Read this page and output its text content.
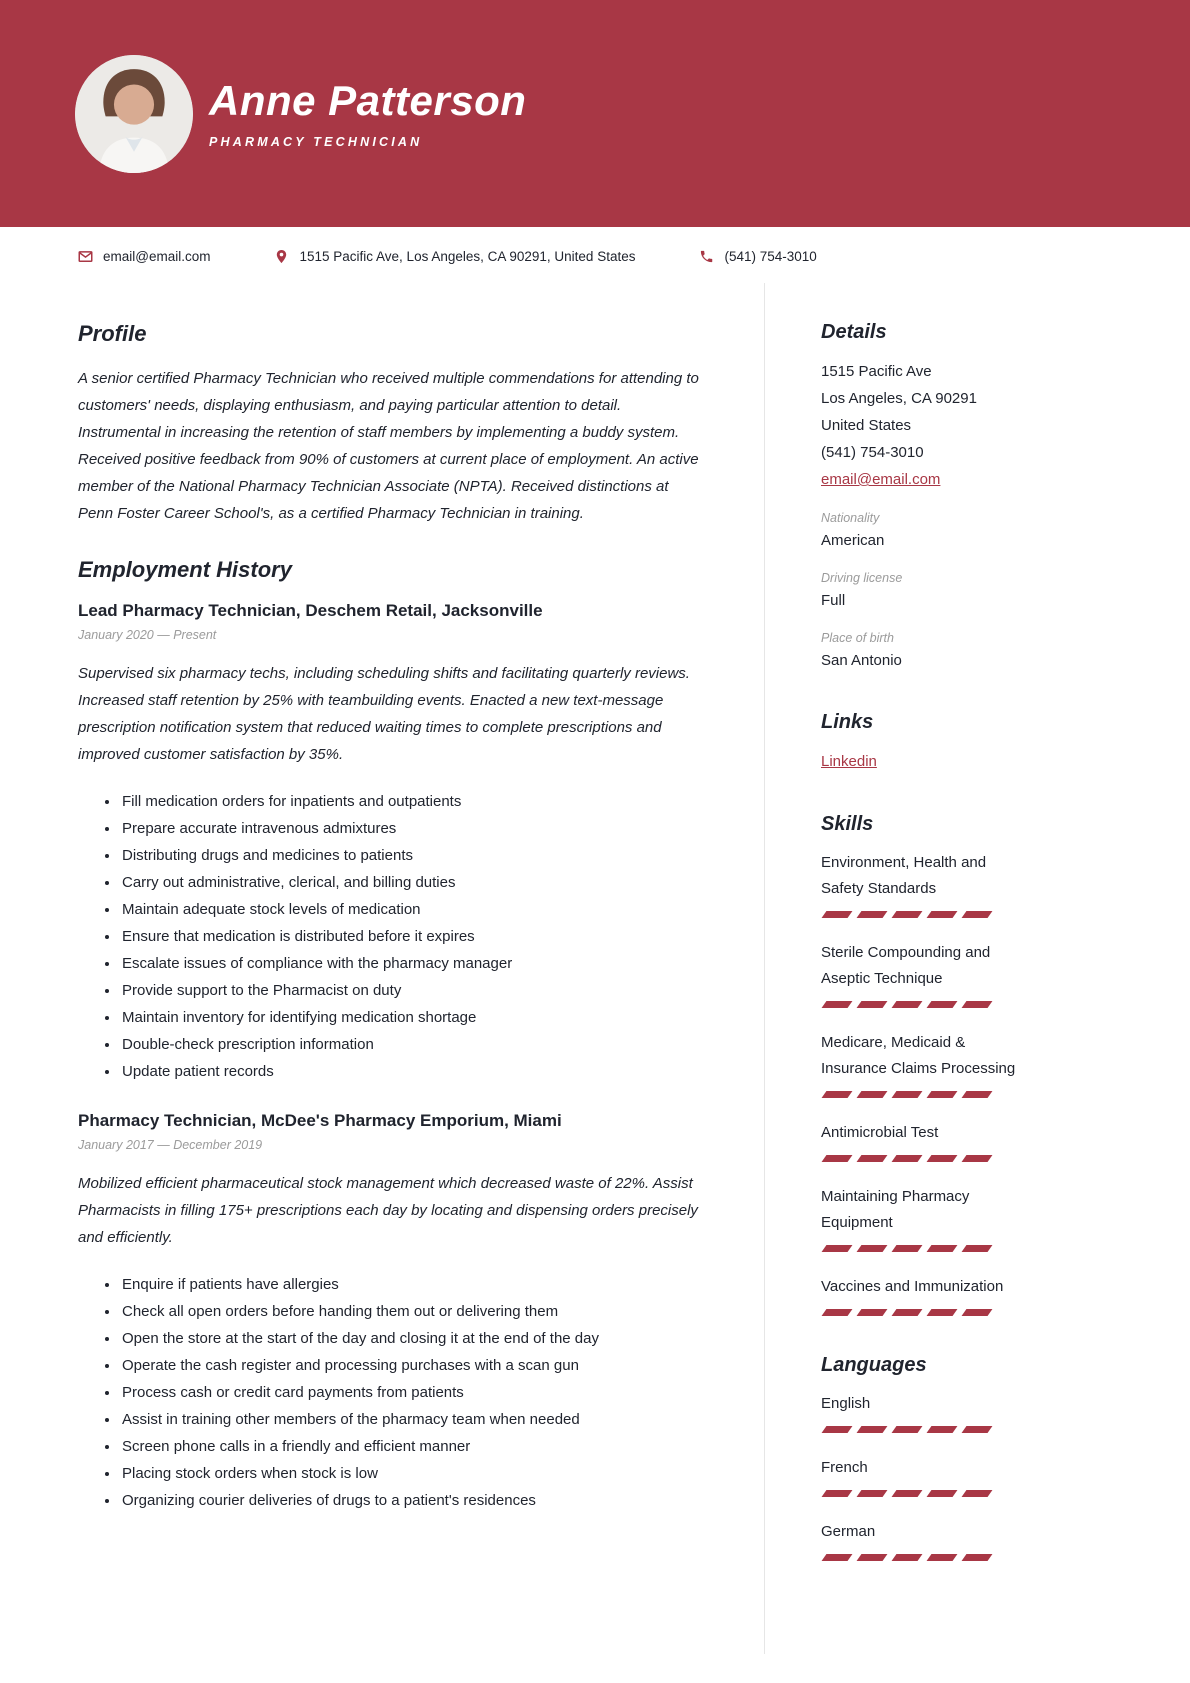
Anne Patterson
PHARMACY TECHNICIAN
email@email.com	1515 Pacific Ave, Los Angeles, CA 90291, United States	(541) 754-3010
Profile

A senior certified Pharmacy Technician who received multiple commendations for attending to customers' needs, displaying enthusiasm, and paying particular attention to detail. Instrumental in increasing the retention of staff members by implementing a buddy system. Received positive feedback from 90% of customers at current place of employment. An active member of the National Pharmacy Technician Associate (NPTA). Received distinctions at Penn Foster Career School's, as a certified Pharmacy Technician in training.

Employment History
Lead Pharmacy Technician, Deschem Retail, Jacksonville
January 2020 — Present

Supervised six pharmacy techs, including scheduling shifts and facilitating quarterly reviews. Increased staff retention by 25% with teambuilding events. Enacted a new text-message prescription notification system that reduced waiting times to complete prescriptions and improved customer satisfaction by 35%.

• Fill medication orders for inpatients and outpatients
• Prepare accurate intravenous admixtures
• Distributing drugs and medicines to patients
• Carry out administrative, clerical, and billing duties
• Maintain adequate stock levels of medication
• Ensure that medication is distributed before it expires
• Escalate issues of compliance with the pharmacy manager
• Provide support to the Pharmacist on duty
• Maintain inventory for identifying medication shortage
• Double-check prescription information
• Update patient records
Pharmacy Technician, McDee's Pharmacy Emporium, Miami
January 2017 — December 2019

Mobilized efficient pharmaceutical stock management which decreased waste of 22%. Assist Pharmacists in filling 175+ prescriptions each day by locating and dispensing orders precisely and efficiently.

• Enquire if patients have allergies
• Check all open orders before handing them out or delivering them
• Open the store at the start of the day and closing it at the end of the day
• Operate the cash register and processing purchases with a scan gun
• Process cash or credit card payments from patients
• Assist in training other members of the pharmacy team when needed
• Screen phone calls in a friendly and efficient manner
• Placing stock orders when stock is low
• Organizing courier deliveries of drugs to a patient's residences
Details
1515 Pacific Ave
Los Angeles, CA 90291
United States
(541) 754-3010
email@email.com
Nationality
American
Driving license
Full
Place of birth
San Antonio
Links
Linkedin
Skills
Environment, Health and Safety Standards
Sterile Compounding and Aseptic Technique
Medicare, Medicaid & Insurance Claims Processing
Antimicrobial Test
Maintaining Pharmacy Equipment
Vaccines and Immunization
Languages
English
French
German
